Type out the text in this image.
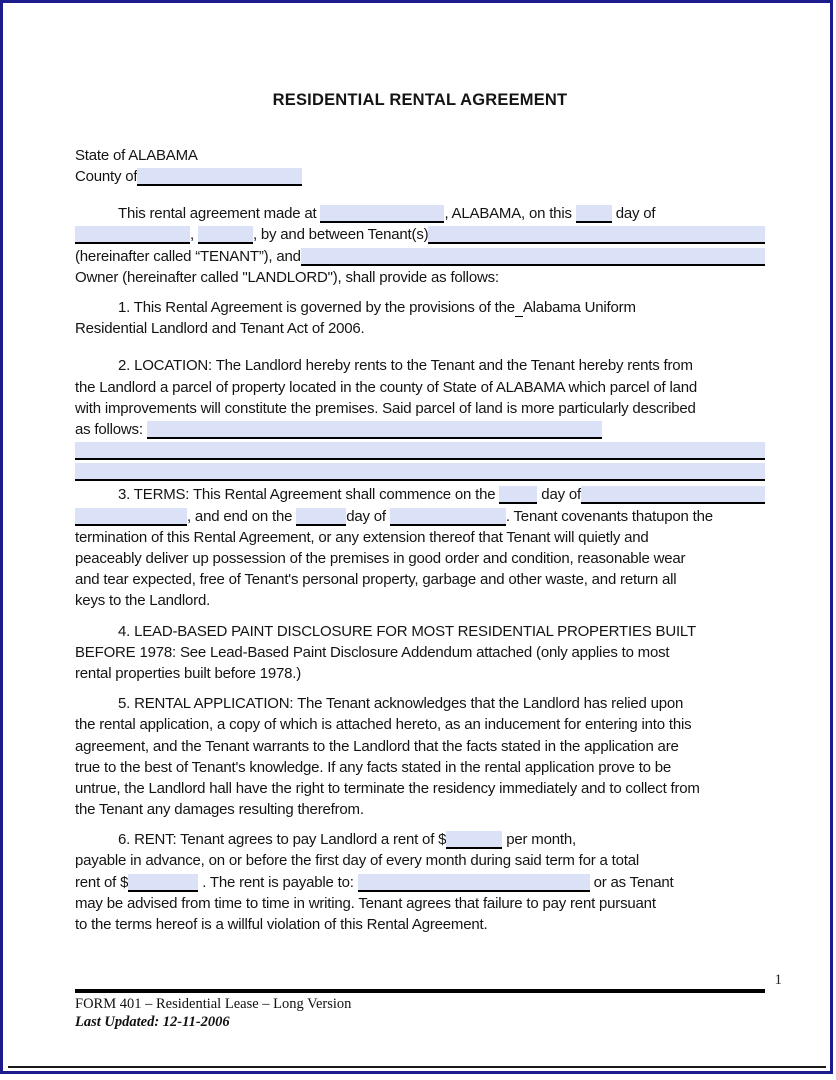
RESIDENTIAL RENTAL AGREEMENT
State of ALABAMA
County of
This rental agreement made at	, ALABAMA, on this day of
,	, by and between Tenant(s)
(hereinafter called “TENANT”), and
Owner (hereinafter called "LANDLORD"), shall provide as follows:
1. This Rental Agreement is governed by the provisions of the
Alabama Uniform
Residential Landlord and Tenant Act of 2006.
2. LOCATION: The Landlord hereby rents to the Tenant and the Tenant hereby rents from
the Landlord a parcel of property located in the county of State of ALABAMA which parcel of land
with improvements will constitute the premises. Said parcel of land is more particularly described
as follows:
3. TERMS: This Rental Agreement shall commence on the	day of
, and end on the	day of	. Tenant covenants thatupon the
termination of this Rental Agreement, or any extension thereof that Tenant will quietly and
peaceably deliver up possession of the premises in good order and condition, reasonable wear
and tear expected, free of Tenant's personal property, garbage and other waste, and return all
keys to the Landlord.
4. LEAD-BASED PAINT DISCLOSURE FOR MOST RESIDENTIAL PROPERTIES BUILT
BEFORE 1978: See Lead-Based Paint Disclosure Addendum attached (only applies to most
rental properties built before 1978.)
5. RENTAL APPLICATION: The Tenant acknowledges that the Landlord has relied upon
the rental application, a copy of which is attached hereto, as an inducement for entering into this
agreement, and the Tenant warrants to the Landlord that the facts stated in the application are
true to the best of Tenant's knowledge. If any facts stated in the rental application prove to be
untrue, the Landlord hall have the right to terminate the residency immediately and to collect from
the Tenant any damages resulting therefrom.
6. RENT: Tenant agrees to pay Landlord a rent of $	per month,
payable in advance, on or before the first day of every month during said term for a total
rent of $	. The rent is payable to:	or as Tenant
may be advised from time to time in writing. Tenant agrees that failure to pay rent pursuant
to the terms hereof is a willful violation of this Rental Agreement.
1
FORM 401 – Residential Lease – Long Version
Last Updated: 12-11-2006
